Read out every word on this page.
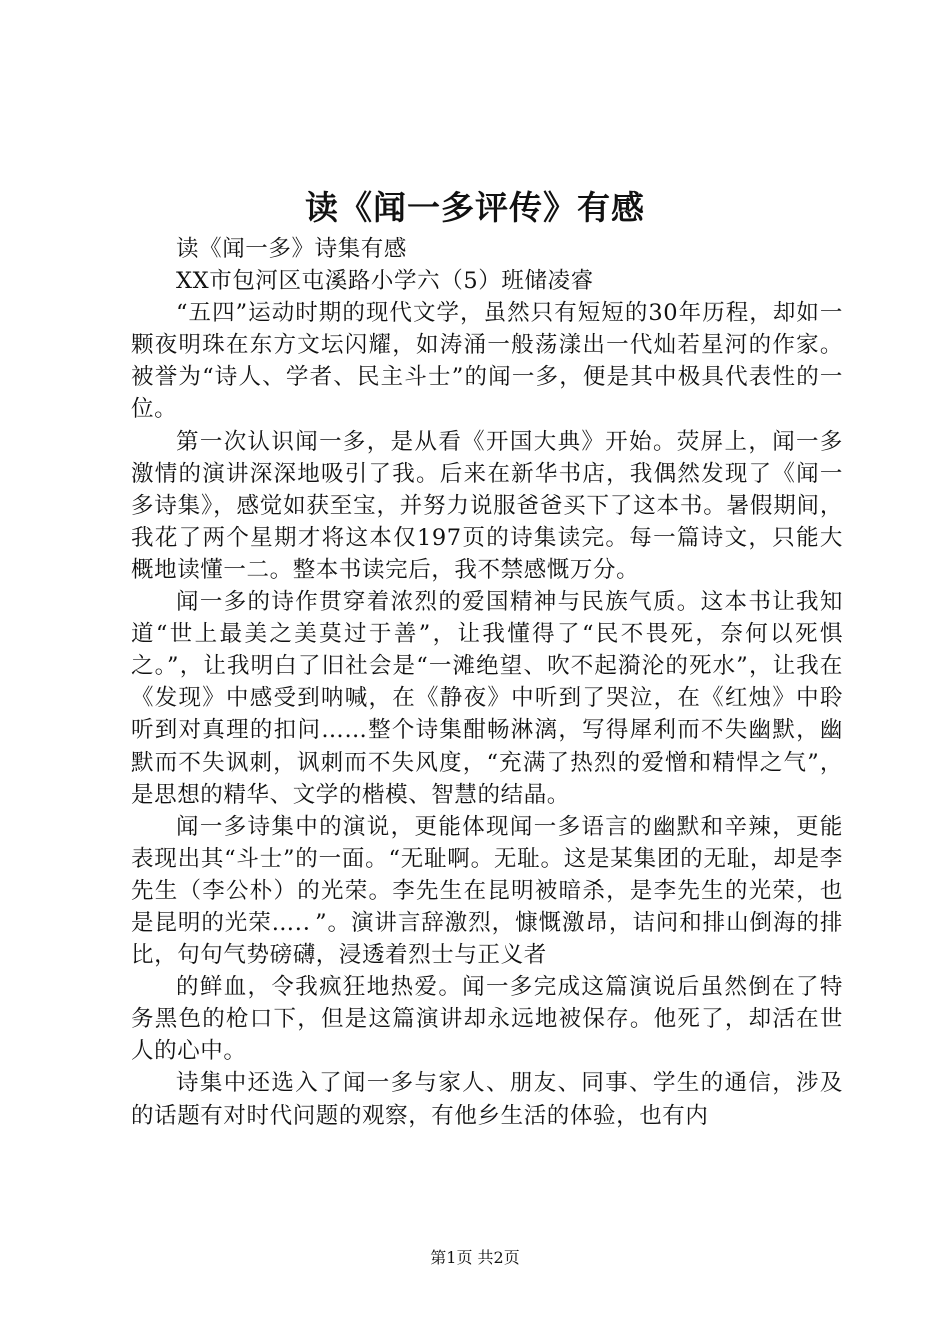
读《闻一多评传》有感

读《闻一多》诗集有感

XX市包河区屯溪路小学六（5）班储凌睿

“五四”运动时期的现代文学，虽然只有短短的30年历程，却如一颗夜明珠在东方文坛闪耀，如涛涌一般荡漾出一代灿若星河的作家。被誉为“诗人、学者、民主斗士”的闻一多，便是其中极具代表性的一位。

第一次认识闻一多，是从看《开国大典》开始。荧屏上，闻一多激情的演讲深深地吸引了我。后来在新华书店，我偶然发现了《闻一多诗集》，感觉如获至宝，并努力说服爸爸买下了这本书。暑假期间，我花了两个星期才将这本仅197页的诗集读完。每一篇诗文，只能大概地读懂一二。整本书读完后，我不禁感慨万分。

闻一多的诗作贯穿着浓烈的爱国精神与民族气质。这本书让我知道“世上最美之美莫过于善”，让我懂得了“民不畏死，奈何以死惧之。”，让我明白了旧社会是“一滩绝望、吹不起漪沦的死水”，让我在《发现》中感受到呐喊，在《静夜》中听到了哭泣，在《红烛》中聆听到对真理的扣问……整个诗集酣畅淋漓，写得犀利而不失幽默，幽默而不失讽刺，讽刺而不失风度，“充满了热烈的爱憎和精悍之气”，是思想的精华、文学的楷模、智慧的结晶。

闻一多诗集中的演说，更能体现闻一多语言的幽默和辛辣，更能表现出其“斗士”的一面。“无耻啊。无耻。这是某集团的无耻，却是李先生（李公朴）的光荣。李先生在昆明被暗杀，是李先生的光荣，也是昆明的光荣….．”。演讲言辞激烈，慷慨激昂，诘问和排山倒海的排比，句句气势磅礴，浸透着烈士与正义者

的鲜血，令我疯狂地热爱。闻一多完成这篇演说后虽然倒在了特务黑色的枪口下，但是这篇演讲却永远地被保存。他死了，却活在世人的心中。

诗集中还选入了闻一多与家人、朋友、同事、学生的通信，涉及的话题有对时代问题的观察，有他乡生活的体验，也有内

第1页 共2页
